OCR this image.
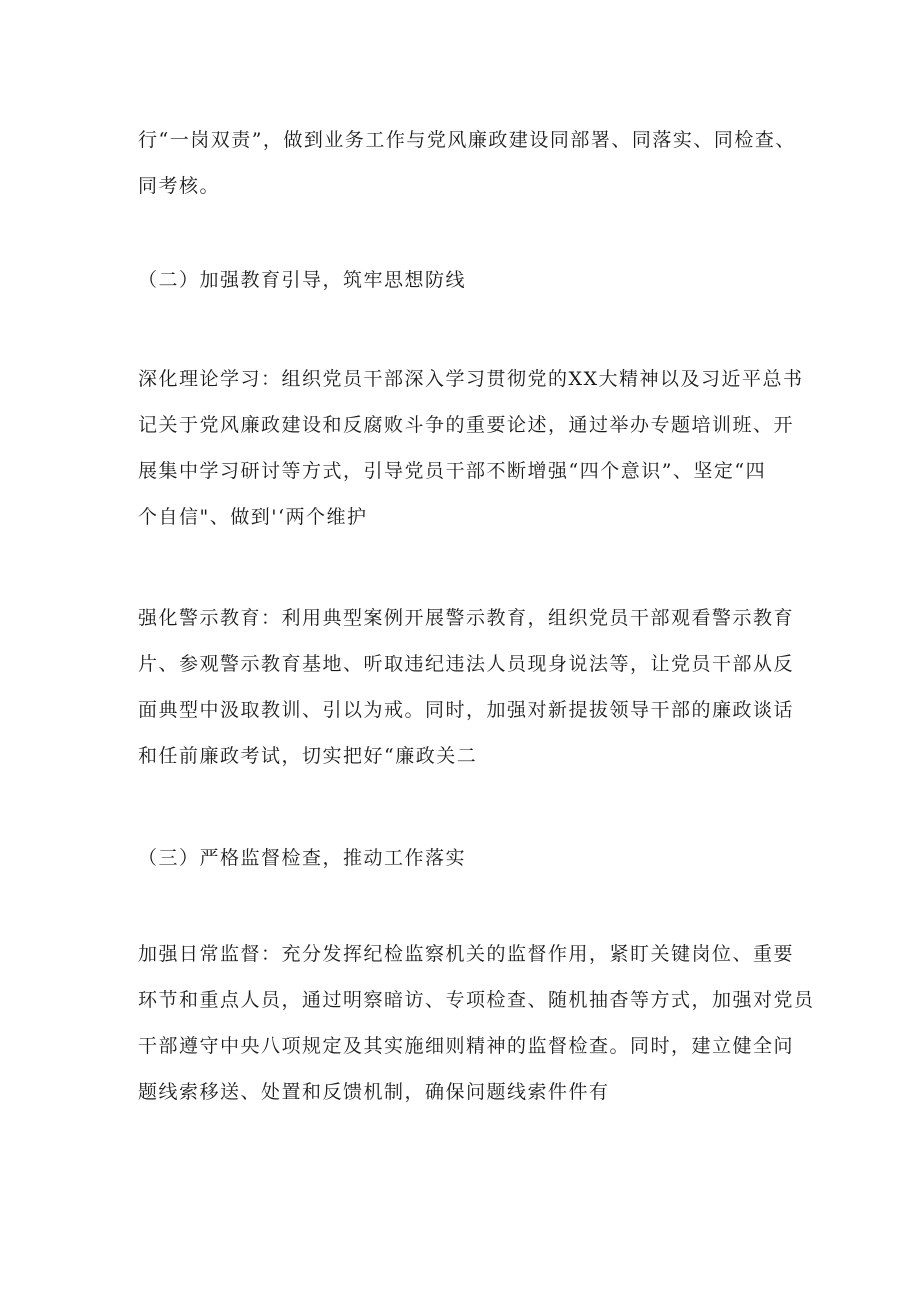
行“一岗双责”，做到业务工作与党风廉政建设同部署、同落实、同检查、
同考核。
（二）加强教育引导，筑牢思想防线
深化理论学习：组织党员干部深入学习贯彻党的XX大精神以及习近平总书
记关于党风廉政建设和反腐败斗争的重要论述，通过举办专题培训班、开
展集中学习研讨等方式，引导党员干部不断增强“四个意识”、坚定“四
个自信"、做到'‘两个维护
强化警示教育：利用典型案例开展警示教育，组织党员干部观看警示教育
片、参观警示教育基地、听取违纪违法人员现身说法等，让党员干部从反
面典型中汲取教训、引以为戒。同时，加强对新提拔领导干部的廉政谈话
和任前廉政考试，切实把好“廉政关二
（三）严格监督检查，推动工作落实
加强日常监督：充分发挥纪检监察机关的监督作用，紧盯关键岗位、重要
环节和重点人员，通过明察暗访、专项检查、随机抽杳等方式，加强对党员
干部遵守中央八项规定及其实施细则精神的监督检查。同时，建立健全问
题线索移送、处置和反馈机制，确保问题线索件件有
